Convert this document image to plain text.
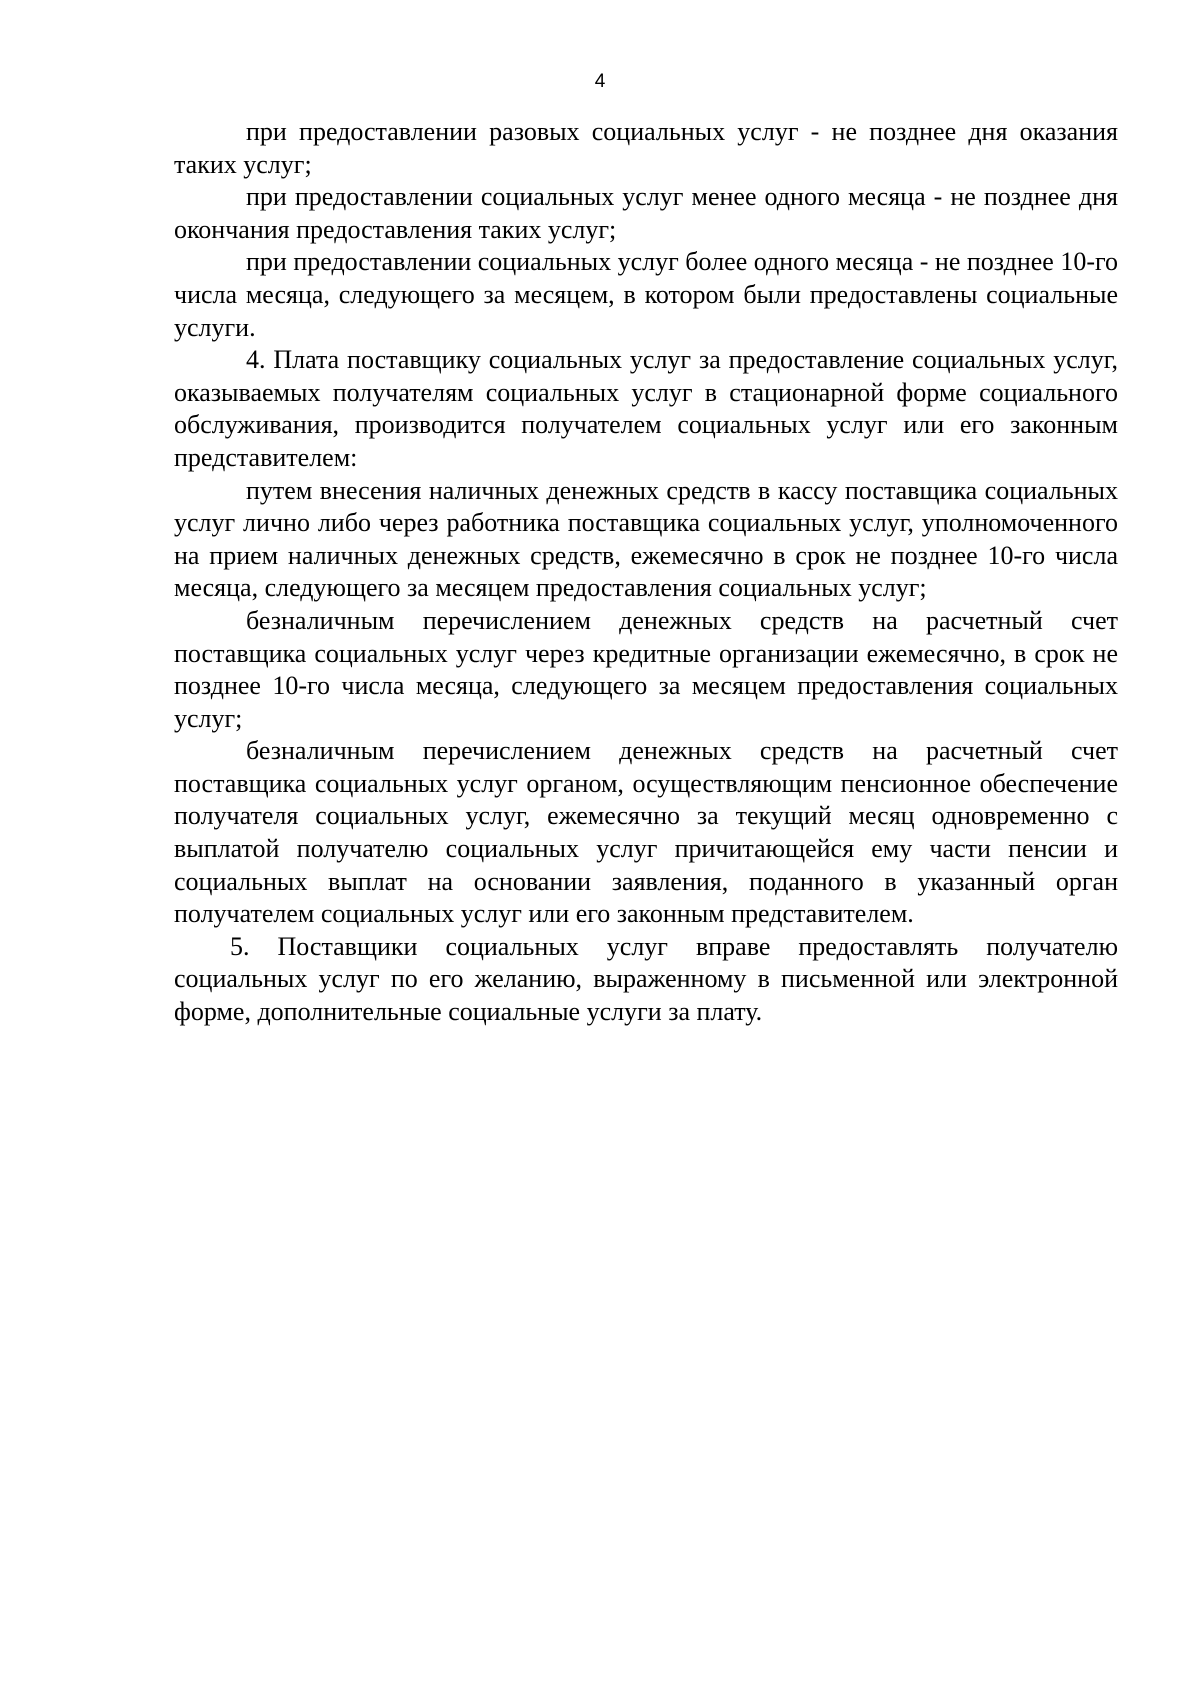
4

при предоставлении разовых социальных услуг - не позднее дня оказания таких услуг;

при предоставлении социальных услуг менее одного месяца - не позднее дня окончания предоставления таких услуг;

при предоставлении социальных услуг более одного месяца - не позднее 10-го числа месяца, следующего за месяцем, в котором были предоставлены социальные услуги.

4. Плата поставщику социальных услуг за предоставление социальных услуг, оказываемых получателям социальных услуг в стационарной форме социального обслуживания, производится получателем социальных услуг или его законным представителем:

путем внесения наличных денежных средств в кассу поставщика социальных услуг лично либо через работника поставщика социальных услуг, уполномоченного на прием наличных денежных средств, ежемесячно в срок не позднее 10-го числа месяца, следующего за месяцем предоставления социальных услуг;

безналичным перечислением денежных средств на расчетный счет поставщика социальных услуг через кредитные организации ежемесячно, в срок не позднее 10-го числа месяца, следующего за месяцем предоставления социальных услуг;

безналичным перечислением денежных средств на расчетный счет поставщика социальных услуг органом, осуществляющим пенсионное обеспечение получателя социальных услуг, ежемесячно за текущий месяц одновременно с выплатой получателю социальных услуг причитающейся ему части пенсии и социальных выплат на основании заявления, поданного в указанный орган получателем социальных услуг или его законным представителем.

5. Поставщики социальных услуг вправе предоставлять получателю социальных услуг по его желанию, выраженному в письменной или электронной форме, дополнительные социальные услуги за плату.
